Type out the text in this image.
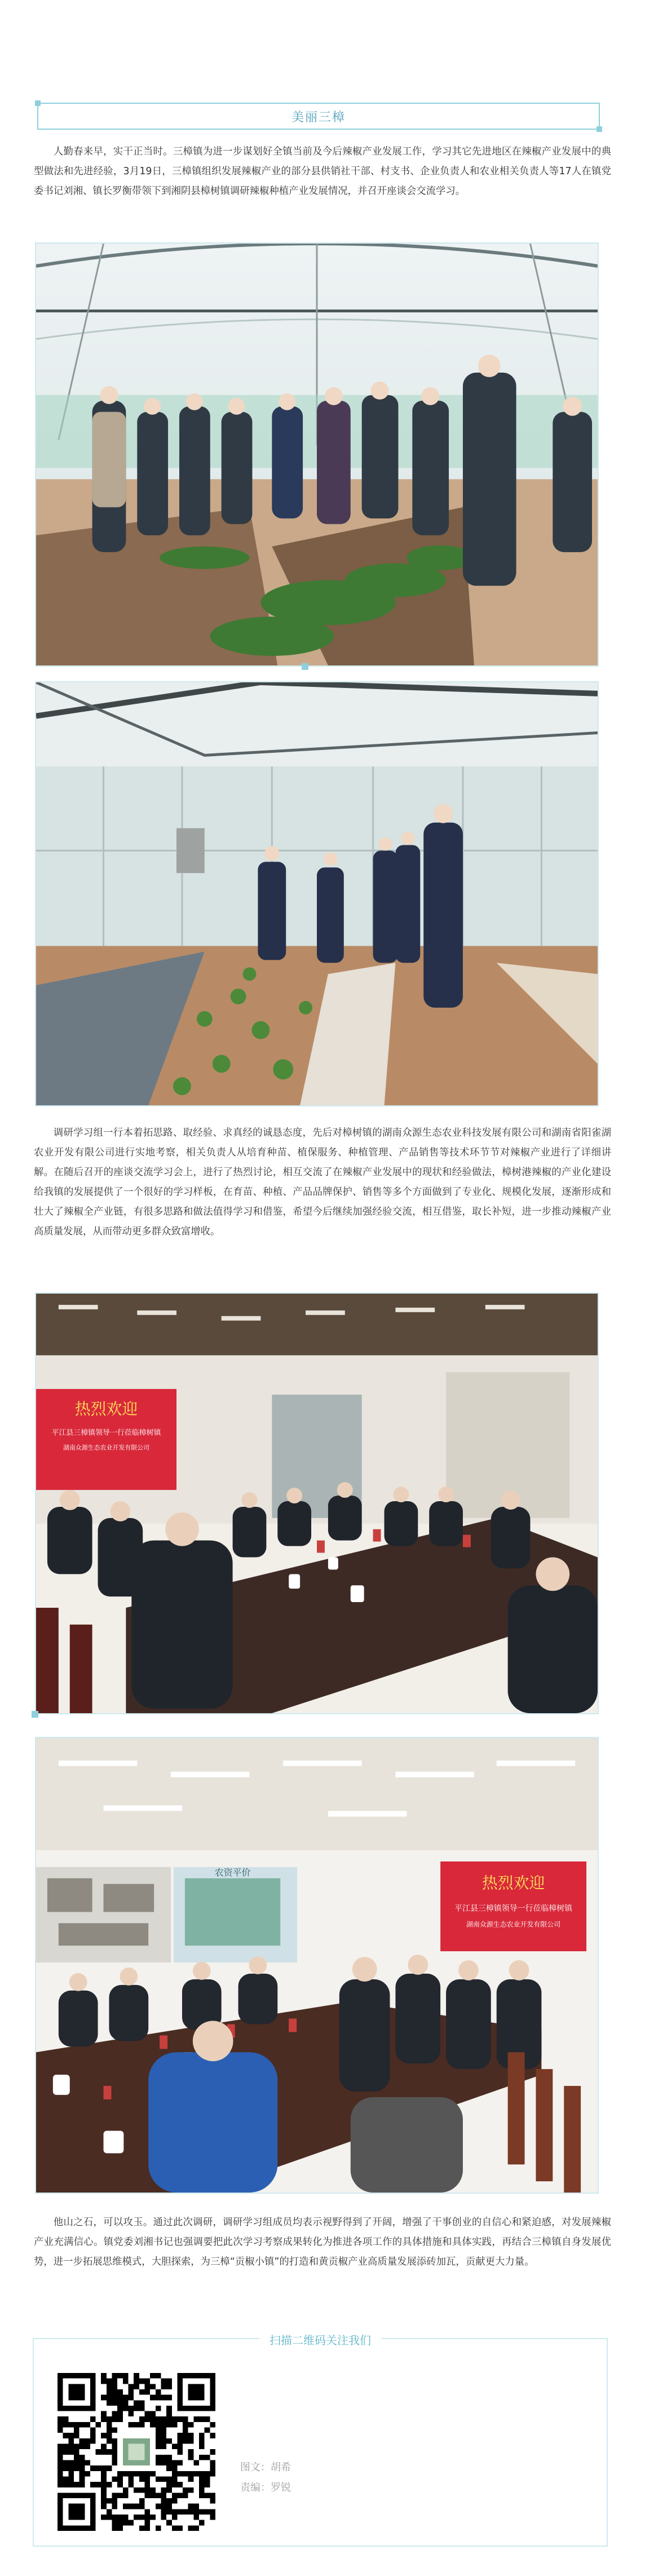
美丽三樟

人勤春来早，实干正当时。三樟镇为进一步谋划好全镇当前及今后辣椒产业发展工作，学习其它先进地区在辣椒产业发展中的典型做法和先进经验，3月19日，三樟镇组织发展辣椒产业的部分县供销社干部、村支书、企业负责人和农业相关负责人等17人在镇党委书记刘湘、镇长罗衡带领下到湘阴县樟树镇调研辣椒种植产业发展情况，并召开座谈会交流学习。

调研学习组一行本着拓思路、取经验、求真经的诚恳态度，先后对樟树镇的湖南众源生态农业科技发展有限公司和湖南省阳雀湖农业开发有限公司进行实地考察，相关负责人从培育种苗、植保服务、种植管理、产品销售等技术环节节对辣椒产业进行了详细讲解。在随后召开的座谈交流学习会上，进行了热烈讨论，相互交流了在辣椒产业发展中的现状和经验做法，樟树港辣椒的产业化建设给我镇的发展提供了一个很好的学习样板，在育苗、种植、产品品牌保护、销售等多个方面做到了专业化、规模化发展，逐渐形成和壮大了辣椒全产业链，有很多思路和做法值得学习和借鉴，希望今后继续加强经验交流，相互借鉴，取长补短，进一步推动辣椒产业高质量发展，从而带动更多群众致富增收。

热烈欢迎
平江县三樟镇领导一行莅临樟树镇
湖南众源生态农业开发有限公司
农资平价
热烈欢迎
平江县三樟镇领导一行莅临樟树镇
湖南众源生态农业开发有限公司

他山之石，可以攻玉。通过此次调研，调研学习组成员均表示视野得到了开阔，增强了干事创业的自信心和紧迫感，对发展辣椒产业充满信心。镇党委刘湘书记也强调要把此次学习考察成果转化为推进各项工作的具体措施和具体实践，再结合三樟镇自身发展优势，进一步拓展思维模式，大胆探索，为三樟“贡椒小镇”的打造和黄贡椒产业高质量发展添砖加瓦，贡献更大力量。

扫描二维码关注我们
图文：胡希
责编：罗锐
